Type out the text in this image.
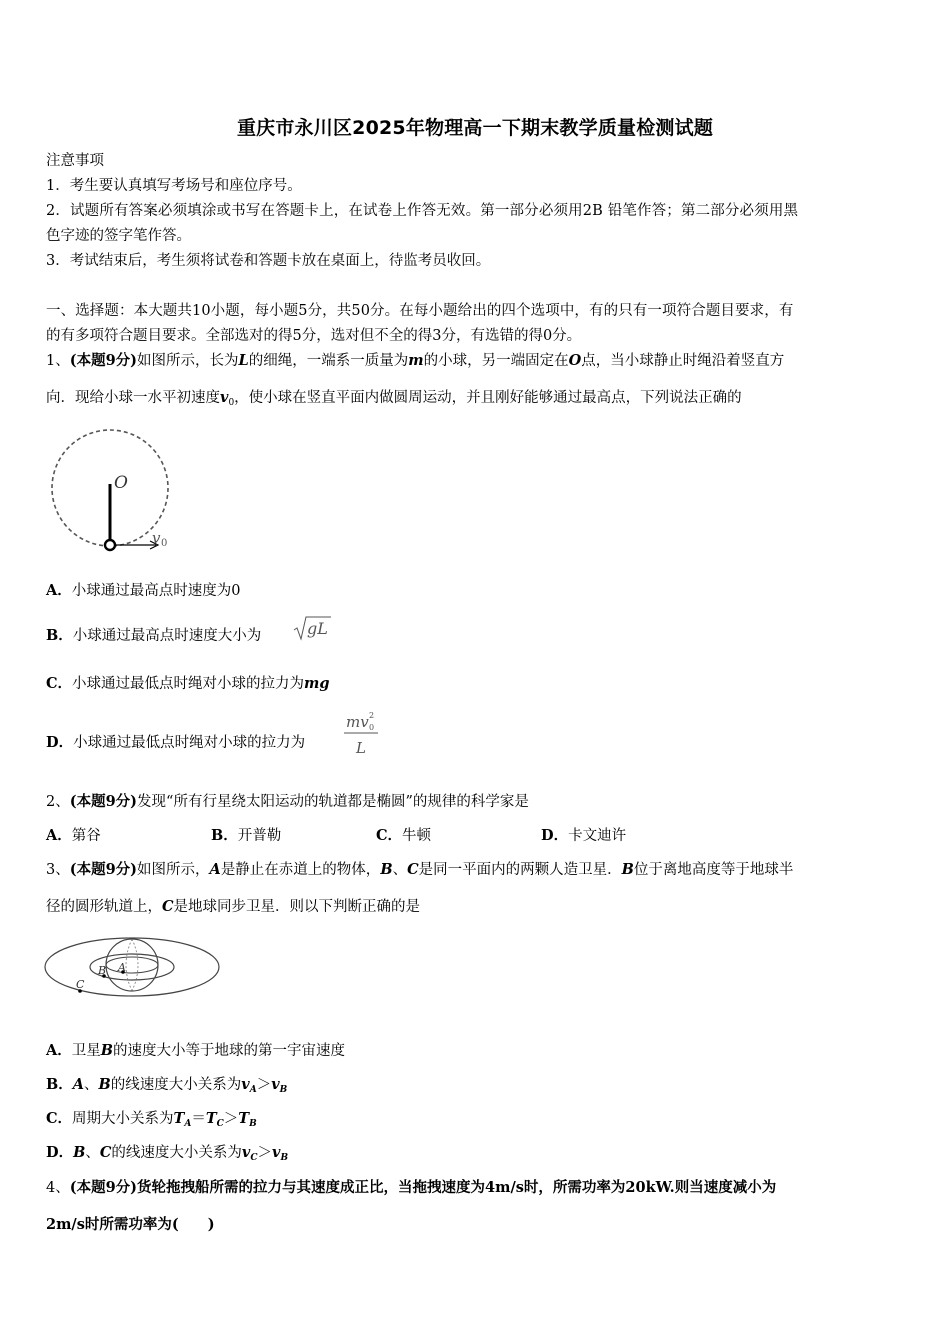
重庆市永川区2025年物理高一下期末教学质量检测试题
注意事项
1．考生要认真填写考场号和座位序号。
2．试题所有答案必须填涂或书写在答题卡上，在试卷上作答无效。第一部分必须用2B 铅笔作答；第二部分必须用黑
色字迹的签字笔作答。
3．考试结束后，考生须将试卷和答题卡放在桌面上，待监考员收回。
一、选择题：本大题共10小题，每小题5分，共50分。在每小题给出的四个选项中，有的只有一项符合题目要求，有
的有多项符合题目要求。全部选对的得5分，选对但不全的得3分，有选错的得0分。
1、(本题9分)如图所示，长为L的细绳，一端系一质量为m的小球，另一端固定在O点，当小球静止时绳沿着竖直方
向．现给小球一水平初速度$v_0$，使小球在竖直平面内做圆周运动，并且刚好能够通过最高点，下列说法正确的
O
v 0
A．小球通过最高点时速度为0
B．小球通过最高点时速度大小为	gL
C．小球通过最低点时绳对小球的拉力为mg
D．小球通过最低点时绳对小球的拉力为
mv 2
0
L
2、(本题9分)发现“所有行星绕太阳运动的轨道都是椭圆”的规律的科学家是
A．第谷	B．开普勒	C．牛顿	D．卡文迪许
3、(本题9分)如图所示，A是静止在赤道上的物体，B、C是同一平面内的两颗人造卫星．B位于离地高度等于地球半
径的圆形轨道上，C是地球同步卫星．则以下判断正确的是
A
B
C
A．卫星B的速度大小等于地球的第一宇宙速度
B．A、B的线速度大小关系为$v_A>v_B$
C．周期大小关系为$T_A=T_C>T_B$
D．B、C的线速度大小关系为$v_C>v_B$
4、(本题9分)货轮拖拽船所需的拉力与其速度成正比，当拖拽速度为4m/s时，所需功率为20kW.则当速度减小为
2m/s时所需功率为(　　)
